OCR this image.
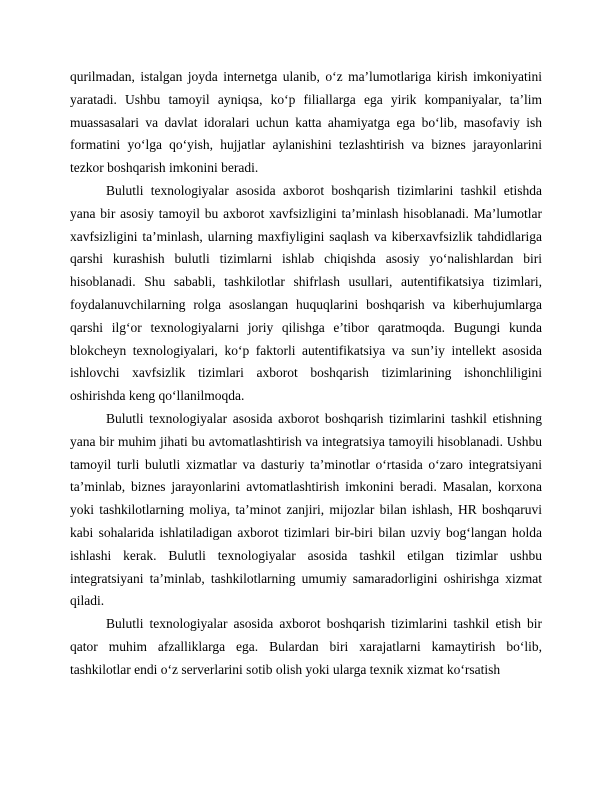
qurilmadan, istalgan joyda internetga ulanib, o‘z ma’lumotlariga kirish imkoniyatini yaratadi. Ushbu tamoyil ayniqsa, ko‘p filiallarga ega yirik kompaniyalar, ta’lim muassasalari va davlat idoralari uchun katta ahamiyatga ega bo‘lib, masofaviy ish formatini yo‘lga qo‘yish, hujjatlar aylanishini tezlashtirish va biznes jarayonlarini tezkor boshqarish imkonini beradi.

Bulutli texnologiyalar asosida axborot boshqarish tizimlarini tashkil etishda yana bir asosiy tamoyil bu axborot xavfsizligini ta’minlash hisoblanadi. Ma’lumotlar xavfsizligini ta’minlash, ularning maxfiyligini saqlash va kiberxavfsizlik tahdidlariga qarshi kurashish bulutli tizimlarni ishlab chiqishda asosiy yo‘nalishlardan biri hisoblanadi. Shu sababli, tashkilotlar shifrlash usullari, autentifikatsiya tizimlari, foydalanuvchilarning rolga asoslangan huquqlarini boshqarish va kiberhujumlarga qarshi ilg‘or texnologiyalarni joriy qilishga e’tibor qaratmoqda. Bugungi kunda blokcheyn texnologiyalari, ko‘p faktorli autentifikatsiya va sun’iy intellekt asosida ishlovchi xavfsizlik tizimlari axborot boshqarish tizimlarining ishonchliligini oshirishda keng qo‘llanilmoqda.

Bulutli texnologiyalar asosida axborot boshqarish tizimlarini tashkil etishning yana bir muhim jihati bu avtomatlashtirish va integratsiya tamoyili hisoblanadi. Ushbu tamoyil turli bulutli xizmatlar va dasturiy ta’minotlar o‘rtasida o‘zaro integratsiyani ta’minlab, biznes jarayonlarini avtomatlashtirish imkonini beradi. Masalan, korxona yoki tashkilotlarning moliya, ta’minot zanjiri, mijozlar bilan ishlash, HR boshqaruvi kabi sohalarida ishlatiladigan axborot tizimlari bir-biri bilan uzviy bog‘langan holda ishlashi kerak. Bulutli texnologiyalar asosida tashkil etilgan tizimlar ushbu integratsiyani ta’minlab, tashkilotlarning umumiy samaradorligini oshirishga xizmat qiladi.

Bulutli texnologiyalar asosida axborot boshqarish tizimlarini tashkil etish bir qator muhim afzalliklarga ega. Bulardan biri xarajatlarni kamaytirish bo‘lib, tashkilotlar endi o‘z serverlarini sotib olish yoki ularga texnik xizmat ko‘rsatish
